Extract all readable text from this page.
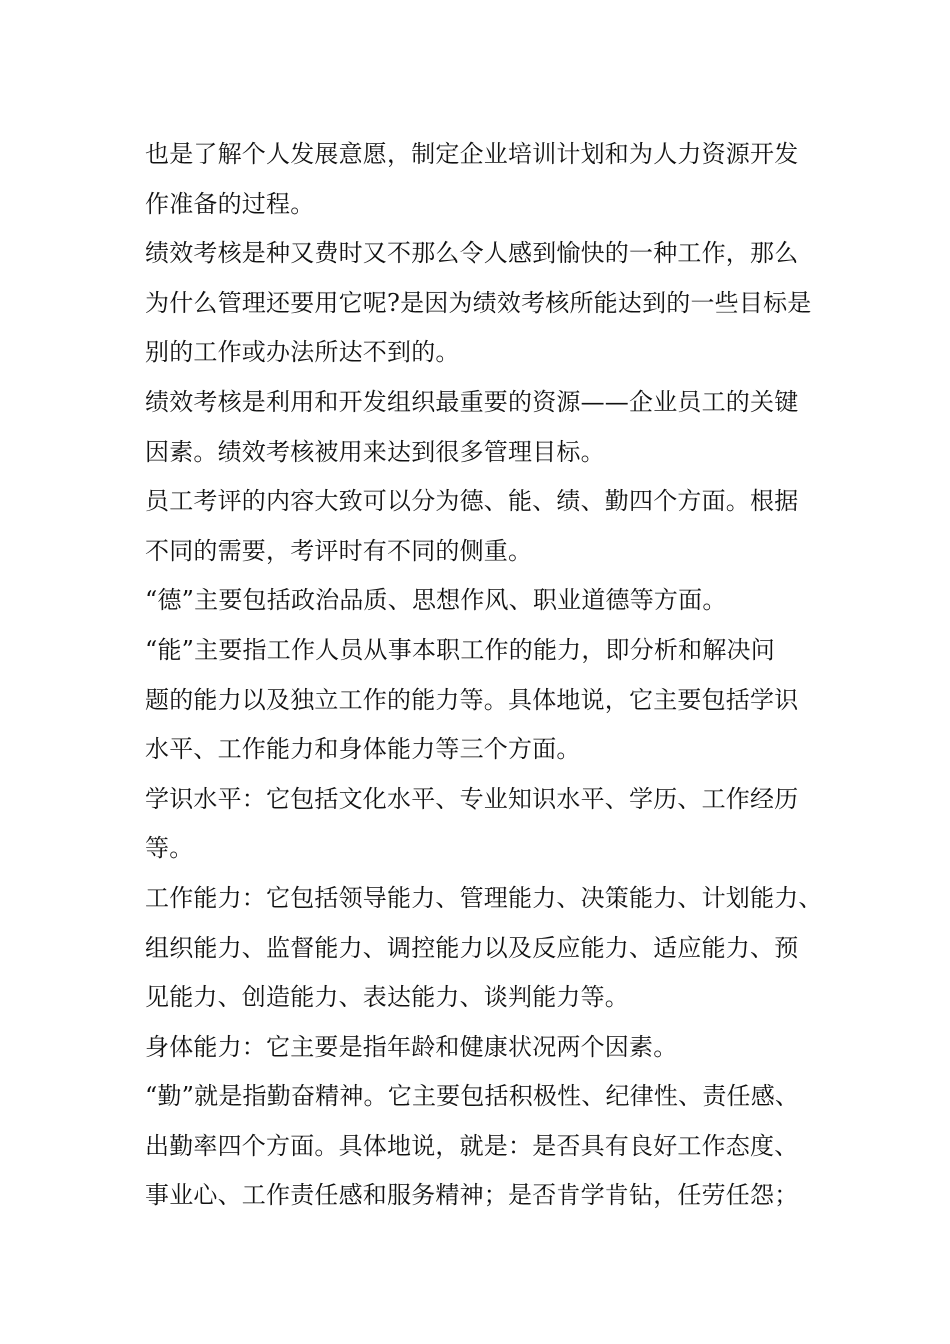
也是了解个人发展意愿，制定企业培训计划和为人力资源开发
作准备的过程。
绩效考核是种又费时又不那么令人感到愉快的一种工作，那么
为什么管理还要用它呢?是因为绩效考核所能达到的一些目标是
别的工作或办法所达不到的。
绩效考核是利用和开发组织最重要的资源——企业员工的关键
因素。绩效考核被用来达到很多管理目标。
员工考评的内容大致可以分为德、能、绩、勤四个方面。根据
不同的需要，考评时有不同的侧重。
“德”主要包括政治品质、思想作风、职业道德等方面。
“能”主要指工作人员从事本职工作的能力，即分析和解决问
题的能力以及独立工作的能力等。具体地说，它主要包括学识
水平、工作能力和身体能力等三个方面。
学识水平：它包括文化水平、专业知识水平、学历、工作经历
等。
工作能力：它包括领导能力、管理能力、决策能力、计划能力、
组织能力、监督能力、调控能力以及反应能力、适应能力、预
见能力、创造能力、表达能力、谈判能力等。
身体能力：它主要是指年龄和健康状况两个因素。
“勤”就是指勤奋精神。它主要包括积极性、纪律性、责任感、
出勤率四个方面。具体地说，就是：是否具有良好工作态度、
事业心、工作责任感和服务精神；是否肯学肯钻，任劳任怨；
